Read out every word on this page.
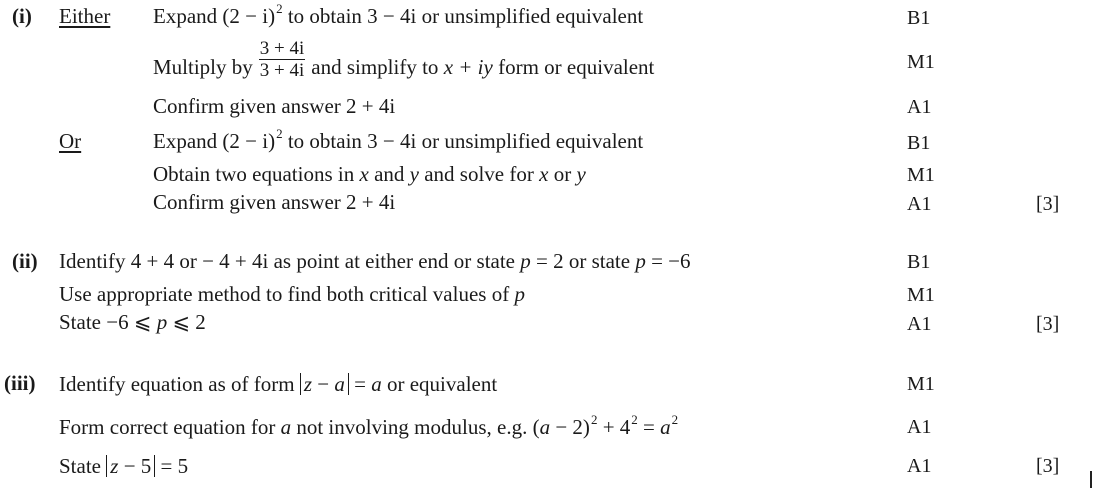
(i) Either Expand $(2 - i)^2$ to obtain 3 − 4i or unsimplified equivalent	B1
Multiply by $\frac{3 + 4i}{3 + 4i}$ and simplify to x + iy form or equivalent	M1
Confirm given answer 2 + 4i	A1
Or	Expand $(2 - i)^2$ to obtain 3 − 4i or unsimplified equivalent	B1
Obtain two equations in x and y and solve for x or y	M1
Confirm given answer 2 + 4i	A1	[3]
(ii) Identify 4 + 4 or − 4 + 4i as point at either end or state p = 2 or state p = −6	B1
Use appropriate method to find both critical values of p	M1
State −6 ⩽ p ⩽ 2	A1	[3]
(iii) Identify equation as of form z − a = a or equivalent	M1
Form correct equation for a not involving modulus, e.g. $(a - 2)^2 + 4^2 = a^2$	A1
State z − 5 = 5	A1	[3]
